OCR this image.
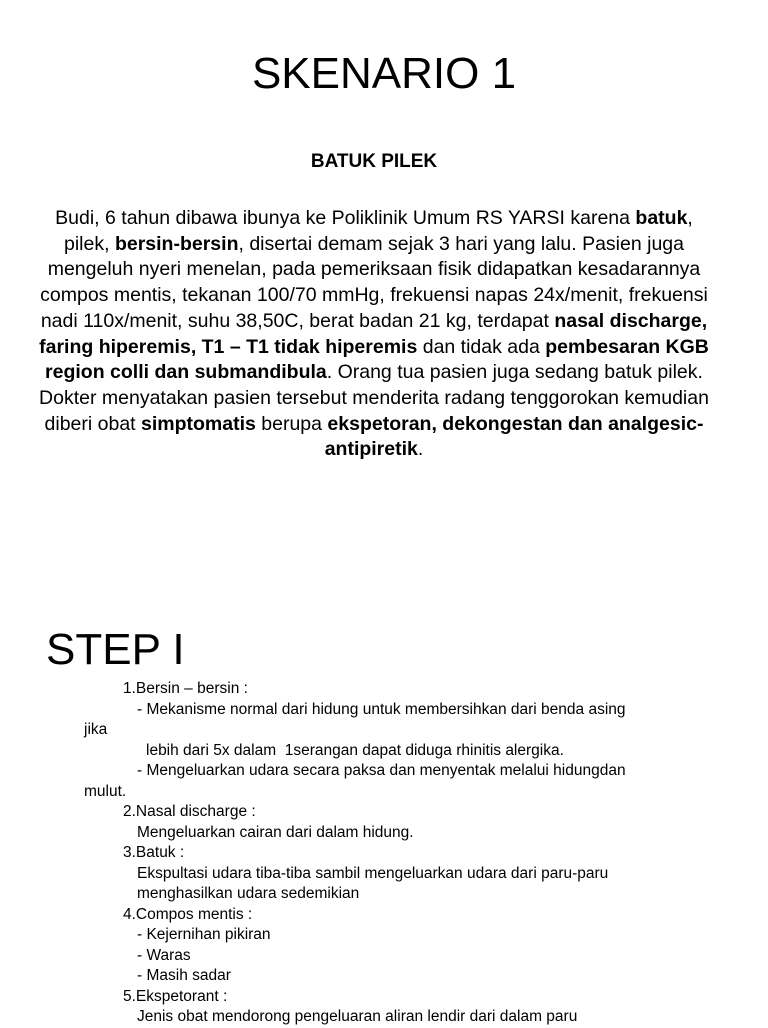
SKENARIO 1
BATUK PILEK

Budi, 6 tahun dibawa ibunya ke Poliklinik Umum RS YARSI karena batuk, pilek, bersin-bersin, disertai demam sejak 3 hari yang lalu. Pasien juga mengeluh nyeri menelan, pada pemeriksaan fisik didapatkan kesadarannya compos mentis, tekanan 100/70 mmHg, frekuensi napas 24x/menit, frekuensi nadi 110x/menit, suhu 38,50C, berat badan 21 kg, terdapat nasal discharge, faring hiperemis, T1 – T1 tidak hiperemis dan tidak ada pembesaran KGB region colli dan submandibula. Orang tua pasien juga sedang batuk pilek. Dokter menyatakan pasien tersebut menderita radang tenggorokan kemudian diberi obat simptomatis berupa ekspetoran, dekongestan dan analgesic-antipiretik.

STEP I
1.Bersin – bersin :
- Mekanisme normal dari hidung untuk membersihkan dari benda asing
jika
lebih dari 5x dalam  1serangan dapat diduga rhinitis alergika.
- Mengeluarkan udara secara paksa dan menyentak melalui hidungdan
mulut.
2.Nasal discharge :
Mengeluarkan cairan dari dalam hidung.
3.Batuk :
Ekspultasi udara tiba-tiba sambil mengeluarkan udara dari paru-paru
menghasilkan udara sedemikian
4.Compos mentis :
- Kejernihan pikiran
- Waras
- Masih sadar
5.Ekspetorant :
Jenis obat mendorong pengeluaran aliran lendir dari dalam paru
